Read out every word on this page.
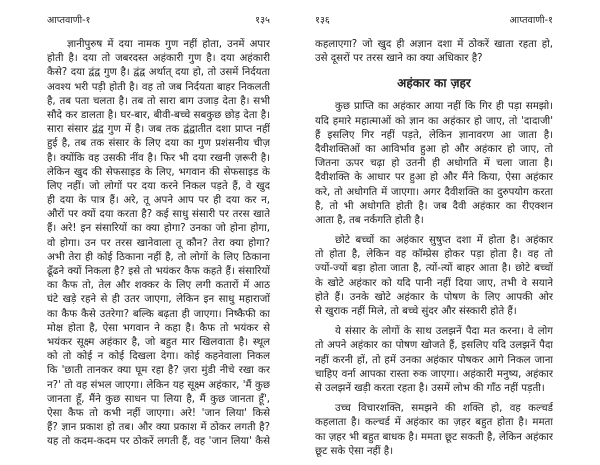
आप्तवाणी-१	१३५
ज्ञानीपुरुष में दया नामक गुण नहीं होता, उनमें अपार
होती है। दया तो जबरदस्त अहंकारी गुण है। दया अहंकारी
कैसे? दया द्वंद्व गुण है। द्वंद्व अर्थात् दया हो, तो उसमें निर्दयता
अवश्य भरी पड़ी होती है। वह तो जब निर्दयता बाहर निकलती
है, तब पता चलता है। तब तो सारा बाग उजाड़ देता है। सभी
सौदे कर डालता है। घर-बार, बीवी-बच्चे सबकुछ छोड़ देता है।
सारा संसार द्वंद्व गुण में है। जब तक द्वंद्वातीत दशा प्राप्त नहीं
हुई है, तब तक संसार के लिए दया का गुण प्रशंसनीय चीज़
है। क्योंकि वह उसकी नींव है। फिर भी दया रखनी ज़रूरी है।
लेकिन खुद की सेफसाइड के लिए, भगवान की सेफसाइड के
लिए नहीं। जो लोगों पर दया करने निकल पड़ते हैं, वे खुद
ही दया के पात्र हैं। अरे, तू अपने आप पर ही दया कर न,
औरों पर क्यों दया करता है? कई साधु संसारी पर तरस खाते
हैं। अरे! इन संसारियों का क्या होगा? उनका जो होना होगा,
वो होगा। उन पर तरस खानेवाला तू कौन? तेरा क्या होगा?
अभी तेरा ही कोई ठिकाना नहीं है, तो लोगों के लिए ठिकाना
ढूँढने क्यों निकला है? इसे तो भयंकर कैफ कहते हैं। संसारियों
का कैफ तो, तेल और शक्कर के लिए लगी कतारों में आठ
घंटे खड़े रहने से ही उतर जाएगा, लेकिन इन साधु महाराजों
का कैफ कैसे उतरेगा? बल्कि बढ़ता ही जाएगा। निष्कैफी का
मोक्ष होता है, ऐसा भगवान ने कहा है। कैफ तो भयंकर से
भयंकर सूक्ष्म अहंकार है, जो बहुत मार खिलवाता है। स्थूल
को तो कोई न कोई दिखला देगा। कोई कहनेवाला निकल
कि 'छाती तानकर क्या घूम रहा है? ज़रा मुंडी नीचे रखा कर
न?' तो वह संभल जाएगा। लेकिन यह सूक्ष्म अहंकार, 'मैं कुछ
जानता हूँ, मैंने कुछ साधन पा लिया है, मैं कुछ जानता हूँ',
ऐसा कैफ तो कभी नहीं जाएगा। अरे! 'जान लिया' किसे
हैं? ज्ञान प्रकाश हो तब। और क्या प्रकाश में ठोकर लगती है?
यह तो कदम-कदम पर ठोकरें लगती हैं, वह 'जान लिया' कैसे
१३६	आप्तवाणी-१
कहलाएगा? जो खुद ही अज्ञान दशा में ठोकरें खाता रहता हो,
उसे दूसरों पर तरस खाने का क्या अधिकार है?
अहंकार का ज़हर
कुछ प्राप्ति का अहंकार आया नहीं कि गिर ही पड़ा समझो।
यदि हमारे महात्माओं को ज्ञान का अहंकार हो जाए, तो 'दादाजी'
हैं इसलिए गिर नहीं पड़ते, लेकिन ज्ञानावरण आ जाता है।
दैवीशक्तिओं का आविर्भाव हुआ हो और अहंकार हो जाए, तो
जितना ऊपर चढ़ा हो उतनी ही अधोगति में चला जाता है।
दैवीशक्ति के आधार पर हुआ हो और मैंने किया, ऐसा अहंकार
करे, तो अधोगति में जाएगा। अगर दैवीशक्ति का दुरुपयोग करता
है, तो भी अधोगति होती है। जब दैवी अहंकार का रीएक्शन
आता है, तब नर्कगति होती है।
छोटे बच्चों का अहंकार सुषुप्त दशा में होता है। अहंकार
तो होता है, लेकिन वह कॉम्प्रेस होकर पड़ा होता है। वह तो
ज्यों-ज्यों बड़ा होता जाता है, त्यों-त्यों बाहर आता है। छोटे बच्चों
के खोटे अहंकार को यदि पानी नहीं दिया जाए, तभी वे सयाने
होते हैं। उनके खोटे अहंकार के पोषण के लिए आपकी ओर
से खुराक नहीं मिले, तो बच्चे सुंदर और संस्कारी होते हैं।
ये संसार के लोगों के साथ उलझनें पैदा मत करना। वे लोग
तो अपने अहंकार का पोषण खोजते हैं, इसलिए यदि उलझनें पैदा
नहीं करनी हों, तो हमें उनका अहंकार पोषकर आगे निकल जाना
चाहिए वर्ना आपका रास्ता रुक जाएगा। अहंकारी मनुष्य, अहंकार
से उलझनें खड़ी करता रहता है। उसमें लोभ की गाँठ नहीं पड़ती।
उच्च विचारशक्ति, समझने की शक्ति हो, वह कल्चर्ड
कहलाता है। कल्चर्ड में अहंकार का ज़हर बहुत होता है। ममता
का ज़हर भी बहुत बाधक है। ममता छूट सकती है, लेकिन अहंकार
छूट सके ऐसा नहीं है।
